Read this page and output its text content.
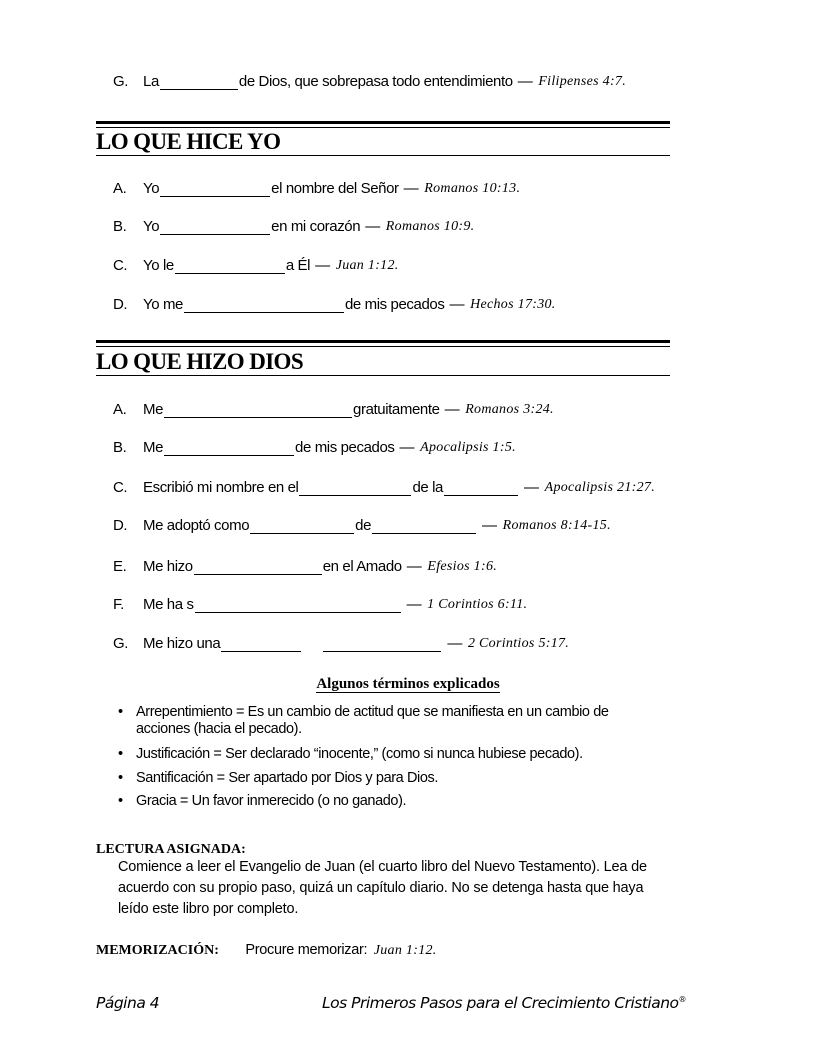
G. La	de Dios, que sobrepasa todo entendimiento — Filipenses 4:7.
LO QUE HICE YO
A.	Yo	el nombre del Señor — Romanos 10:13.
B.	Yo	en mi corazón — Romanos 10:9.
C.	Yo le	a Él — Juan 1:12.
D.	Yo me	de mis pecados — Hechos 17:30.
LO QUE HIZO DIOS
A.	Me	gratuitamente — Romanos 3:24.
B.	Me	de mis pecados — Apocalipsis 1:5.
C.	Escribió mi nombre en el	de la	— Apocalipsis 21:27.
D.	Me adoptó como	de	— Romanos 8:14-15.
E.	Me hizo	en el Amado — Efesios 1:6.
F.	Me ha s	— 1 Corintios 6:11.
G. Me hizo una	— 2 Corintios 5:17.
Algunos términos explicados
• Arrepentimiento = Es un cambio de actitud que se manifiesta en un cambio de acciones (hacia el pecado).
• Justificación = Ser declarado “inocente,” (como si nunca hubiese pecado).
• Santificación = Ser apartado por Dios y para Dios.
• Gracia = Un favor inmerecido (o no ganado).
LECTURA ASIGNADA:
Comience a leer el Evangelio de Juan (el cuarto libro del Nuevo Testamento). Lea de acuerdo con su propio paso, quizá un capítulo diario. No se detenga hasta que haya leído este libro por completo.
MEMORIZACIÓN: Procure memorizar: Juan 1:12.
Página 4	Los Primeros Pasos para el Crecimiento Cristiano®
